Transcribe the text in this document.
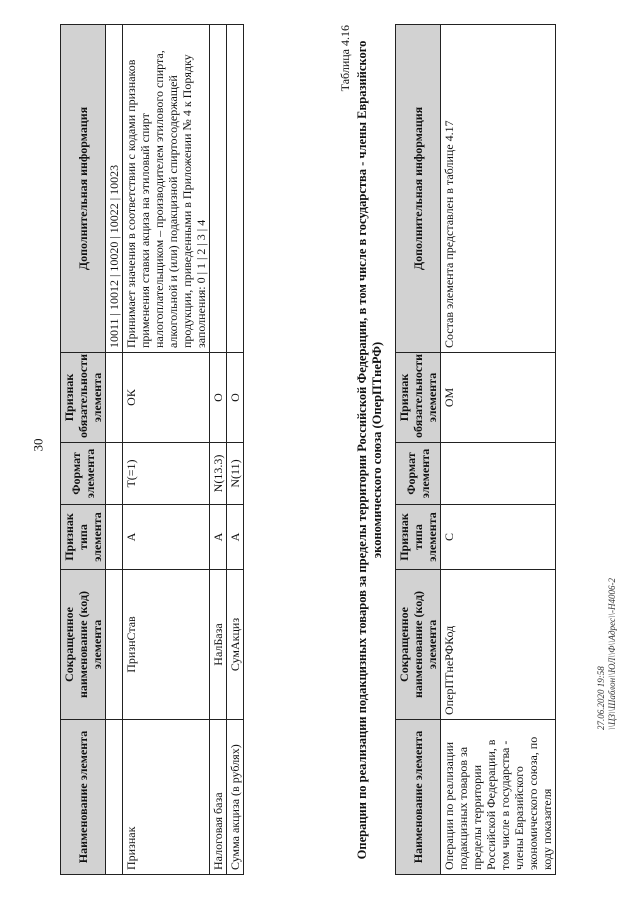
30
27.06.2020 19:58 \\ЦЗ\\Шаблон\\ЮЛ\\Ф\\Адрес\\-Н4006-2
Наименование элемента	Сокращенное наименование (код) элемента	Признак типа элемента	Формат элемента	Признак обязательности элемента	Дополнительная информация
					10011 | 10012 | 10020 | 10022 | 10023
Признак	ПризнСтав	А	Т(=1)	ОК	Принимает значения в соответствии с кодами признаков применения ставки акциза на этиловый спирт налогоплательщиком – производителем этилового спирта, алкогольной и (или) подакцизной спиртосодержащей продукции, приведенными в Приложении № 4 к Порядку заполнения: 0 | 1 | 2 | 3 | 4
Налоговая база	НалБаза	А	N(13.3)	О	
Сумма акциза (в рублях)	СумАкциз	А	N(11)	О	
Таблица 4.16 Операции по реализации подакцизных товаров за пределы территории Российской Федерации, в том числе в государства - члены Евразийского экономического союза (ОперПТнеРФ)
Наименование элемента	Сокращенное наименование (код) элемента	Признак типа элемента	Формат элемента	Признак обязательности элемента	Дополнительная информация
Операции по реализации подакцизных товаров за пределы территории Российской Федерации, в том числе в государства - члены Евразийского экономического союза, по коду показателя	ОперПТнеРФКод	С		ОМ	Состав элемента представлен в таблице 4.17
